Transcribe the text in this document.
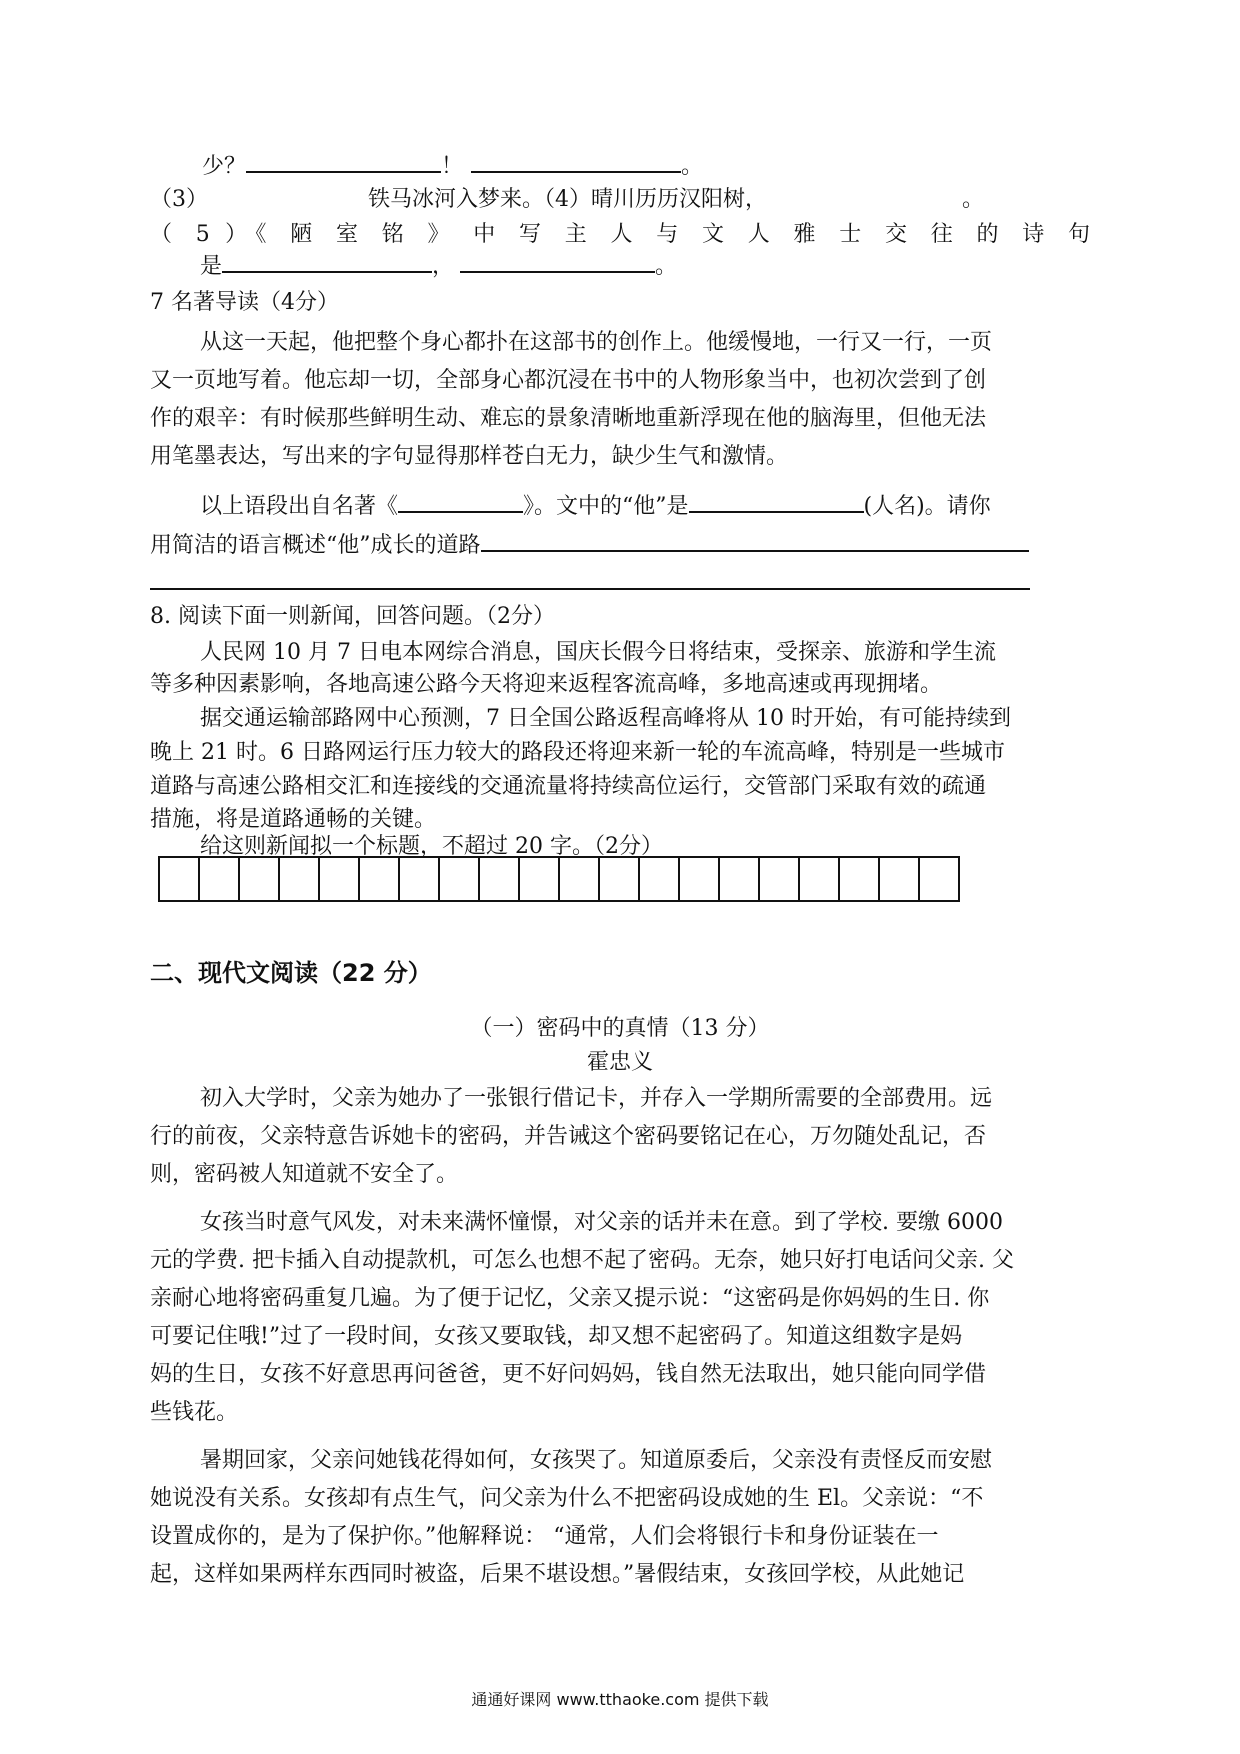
少？	！	。
（3）	铁马冰河入梦来。（4）晴川历历汉阳树，	。
（ 5 ）《 陋 室 铭 》 中 写 主 人 与 文 人 雅 士 交 往 的 诗 句
是	，	。
7 名著导读（4分）
从这一天起，他把整个身心都扑在这部书的创作上。他缓慢地，一行又一行，一页
又一页地写着。他忘却一切，全部身心都沉浸在书中的人物形象当中，也初次尝到了创
作的艰辛：有时候那些鲜明生动、难忘的景象清晰地重新浮现在他的脑海里，但他无法
用笔墨表达，写出来的字句显得那样苍白无力，缺少生气和激情。
以上语段出自名著《	》。文中的“他”是	(人名)。请你
用简洁的语言概述“他”成长的道路
8. 阅读下面一则新闻，回答问题。（2分）
人民网 10 月 7 日电本网综合消息，国庆长假今日将结束，受探亲、旅游和学生流
等多种因素影响，各地高速公路今天将迎来返程客流高峰，多地高速或再现拥堵。
据交通运输部路网中心预测，7 日全国公路返程高峰将从 10 时开始，有可能持续到
晚上 21 时。6 日路网运行压力较大的路段还将迎来新一轮的车流高峰，特别是一些城市
道路与高速公路相交汇和连接线的交通流量将持续高位运行，交管部门采取有效的疏通
措施，将是道路通畅的关键。
给这则新闻拟一个标题，不超过 20 字。（2分）
二、现代文阅读（22 分）
（一）密码中的真情（13 分）
霍忠义
初入大学时，父亲为她办了一张银行借记卡，并存入一学期所需要的全部费用。远
行的前夜，父亲特意告诉她卡的密码，并告诫这个密码要铭记在心，万勿随处乱记，否
则，密码被人知道就不安全了。
女孩当时意气风发，对未来满怀憧憬，对父亲的话并未在意。到了学校. 要缴 6000
元的学费. 把卡插入自动提款机，可怎么也想不起了密码。无奈，她只好打电话问父亲. 父
亲耐心地将密码重复几遍。为了便于记忆，父亲又提示说：“这密码是你妈妈的生日. 你
可要记住哦!”过了一段时间，女孩又要取钱，却又想不起密码了。知道这组数字是妈
妈的生日，女孩不好意思再问爸爸，更不好问妈妈，钱自然无法取出，她只能向同学借
些钱花。
暑期回家，父亲问她钱花得如何，女孩哭了。知道原委后，父亲没有责怪反而安慰
她说没有关系。女孩却有点生气，问父亲为什么不把密码设成她的生 El。父亲说：“不
设置成你的，是为了保护你。”他解释说： “通常，人们会将银行卡和身份证装在一
起，这样如果两样东西同时被盗，后果不堪设想。”暑假结束，女孩回学校，从此她记
通通好课网 www.tthaoke.com 提供下载
